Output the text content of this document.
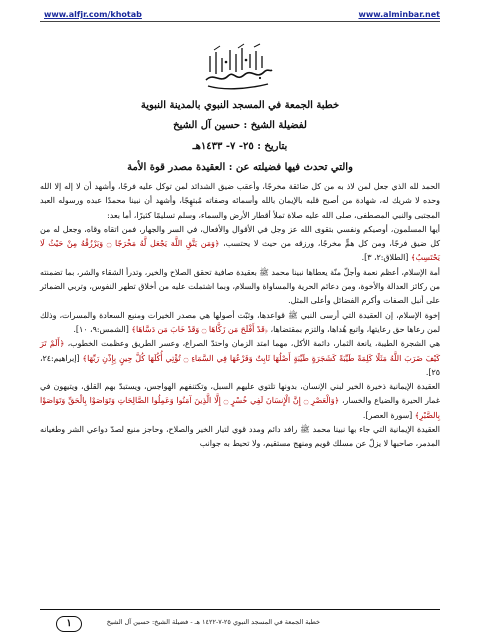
www.alfjr.com/khotab	www.alminbar.net
خطبة الجمعة في المسجد النبوي بالمدينة النبوية
لفضيلة الشيخ : حسين آل الشيخ
بتاريخ : ٢٥- ٧- ١٤٣٣هـ
والتي تحدث فيها فضيلته عن : العقيدة مصدر قوة الأمة

الحمد لله الذي جعل لمن لاذ به من كل ضائقة مخرجًا، وأعقب ضيق الشدائد لمن توكل عليه فرجًا، وأشهد أن لا إله إلا الله وحده لا شريك له، شهادة من أصبح قلبه بالإيمان بالله وأسمائه وصفاته مُبتهِجًا، وأشهد أن نبينا محمدًا عبده ورسوله العبد المجتبى والنبي المصطفى، صلى الله عليه صلاة تملأ أقطار الأرض والسماء، وسلم تسليمًا كثيرًا، أما بعد:

أيها المسلمون، أوصيكم ونفسي بتقوى الله عز وجل في الأقوال والأفعال، في السر والجهار، فمن اتقاه وقاه، وجعل له من كل ضيق فرجًا، ومن كل همٍّ مخرجًا، ورزقه من حيث لا يحتسب، ﴿وَمَن يَتَّقِ اللَّهَ يَجْعَل لَّهُ مَخْرَجًا ۝ وَيَرْزُقْهُ مِنْ حَيْثُ لَا يَحْتَسِبُ﴾ [الطلاق:٢، ٣].

أمة الإسلام، أعظم نعمة وأجلّ منّة يعطاها نبينا محمد ﷺ بعقيدة صافية تحقق الصلاح والخير، وتدرأ الشقاء والشر، بما تضمنته من ركائز العدالة والأخوة، ومن دعائم الحرية والمساواة والسلام، وبما اشتملت عليه من أخلاق تطهر النفوس، وتربي الضمائر على أنبل الصفات وأكرم الفضائل وأعلى المثل.

إخوة الإسلام، إن العقيدة التي أرسى النبي ﷺ قواعدها، وثبّت أصولها هي مصدر الخيرات ومنبع السعادة والمسرات، وذلك لمن رعاها حق رعايتها، واتبع هُداها، والتزم بمقتضاها، ﴿قَدْ أَفْلَحَ مَن زَكَّاهَا ۝ وَقَدْ خَابَ مَن دَسَّاهَا﴾ [الشمس:٩، ١٠].

هي الشجرة الطيبة، يانعة الثمار، دائمة الأكل، مهما امتد الزمان واحتدّ الصراع، وعسر الطريق وعظمت الخطوب، ﴿أَلَمْ تَرَ كَيْفَ ضَرَبَ اللَّهُ مَثَلًا كَلِمَةً طَيِّبَةً كَشَجَرَةٍ طَيِّبَةٍ أَصْلُهَا ثَابِتٌ وَفَرْعُهَا فِي السَّمَاءِ ۝ تُؤْتِي أُكُلَهَا كُلَّ حِينٍ بِإِذْنِ رَبِّهَا﴾ [إبراهيم:٢٤، ٢٥].

العقيدة الإيمانية ذخيرة الخير لبني الإنسان، بدونها تلتوي عليهم السبل، وتكتنفهم الهواجس، ويستبدّ بهم القلق، ويتيهون في غمار الحيرة والضياع والخسار، ﴿وَالْعَصْرِ ۝ إِنَّ الْإِنسَانَ لَفِي خُسْرٍ ۝ إِلَّا الَّذِينَ آمَنُوا وَعَمِلُوا الصَّالِحَاتِ وَتَوَاصَوْا بِالْحَقِّ وَتَوَاصَوْا بِالصَّبْرِ﴾ [سورة العصر].

العقيدة الإيمانية التي جاء بها نبينا محمد ﷺ رافد دائم ومدد قوي لتيار الخير والصلاح، وحاجز منيع لصدّ دواعي الشر وطغيانه المدمر، صاحبها لا يزلّ عن مسلك قويم ومنهج مستقيم، ولا تحيط به جوانب

خطبة الجمعة في المسجد النبوي ٢٥-٧-١٤٢٢ هـ - فضيلة الشيخ: حسين آل الشيخ
١
